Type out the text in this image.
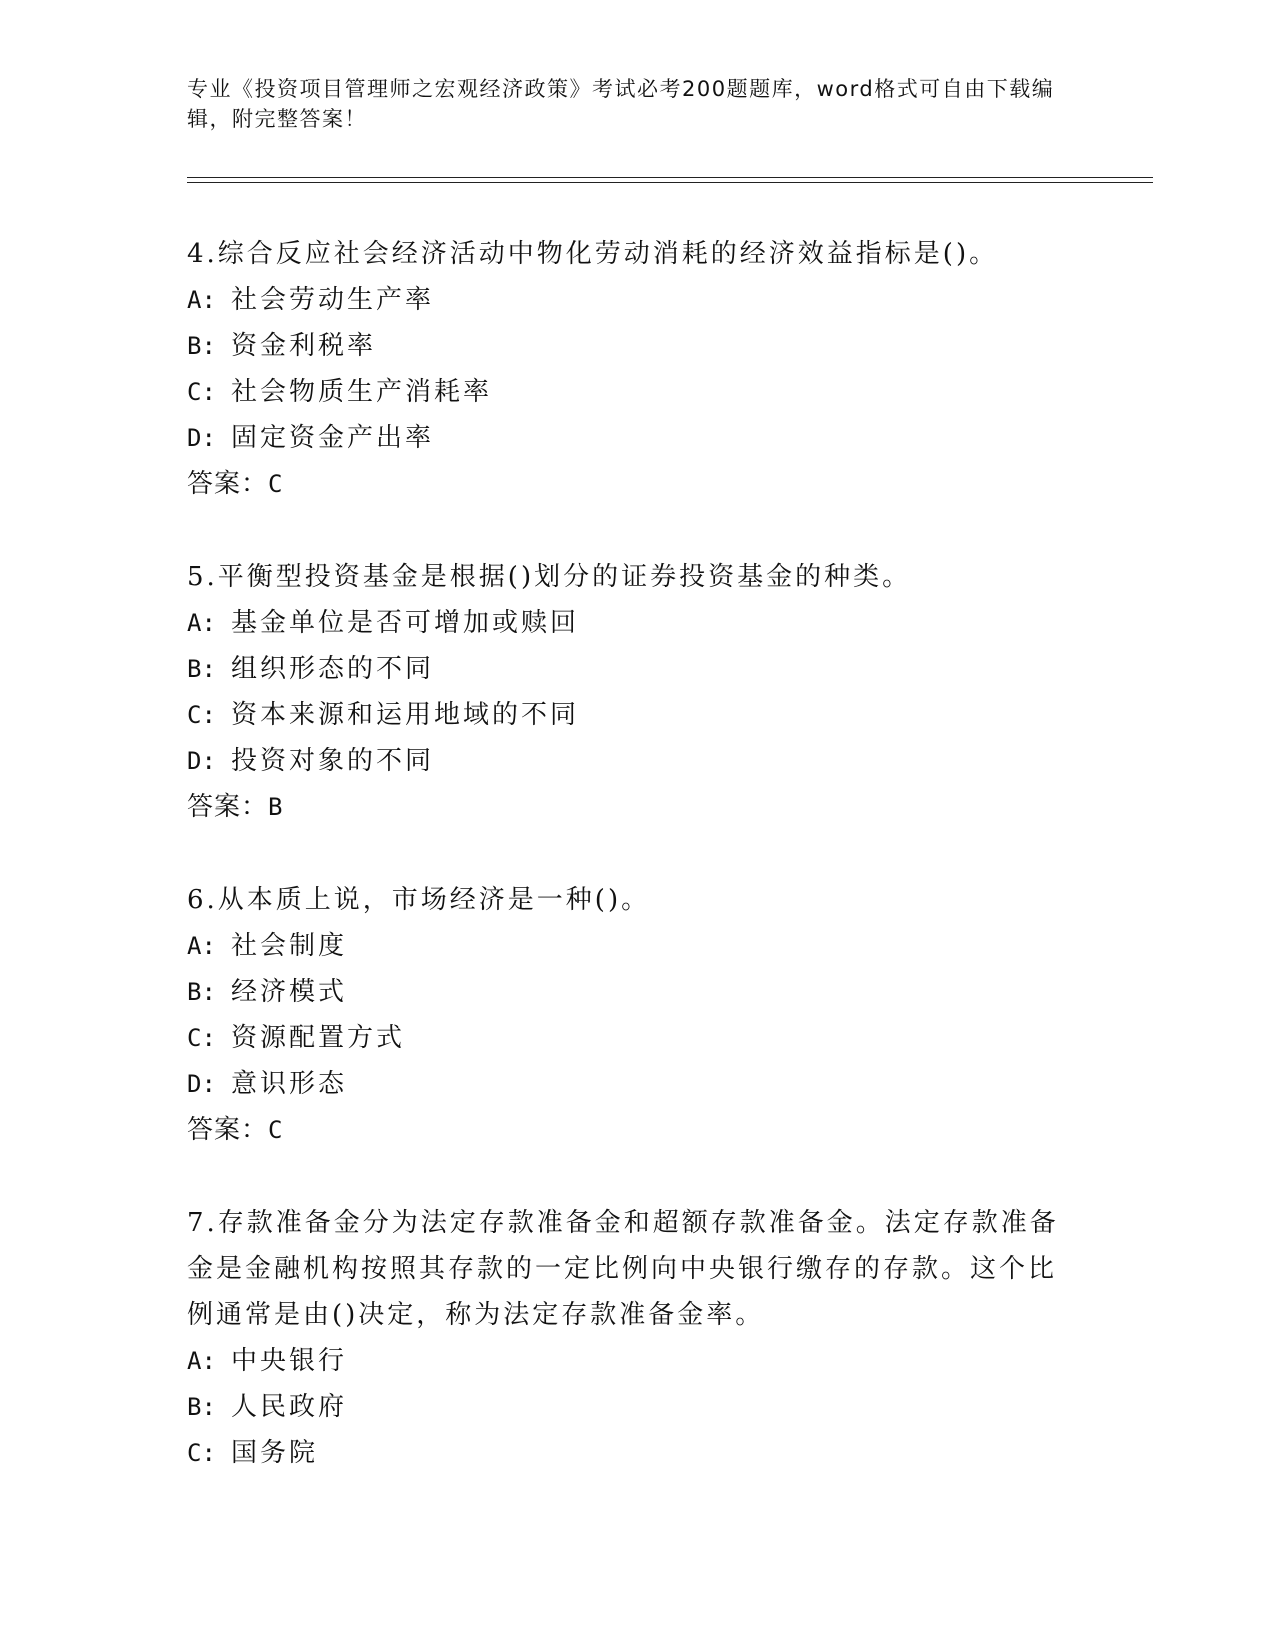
专业《投资项目管理师之宏观经济政策》考试必考200题题库，word格式可自由下载编辑，附完整答案！

4.综合反应社会经济活动中物化劳动消耗的经济效益指标是()。

A: 社会劳动生产率

B: 资金利税率

C: 社会物质生产消耗率

D: 固定资金产出率

答案：C

5.平衡型投资基金是根据()划分的证券投资基金的种类。

A: 基金单位是否可增加或赎回

B: 组织形态的不同

C: 资本来源和运用地域的不同

D: 投资对象的不同

答案：B

6.从本质上说，市场经济是一种()。

A: 社会制度

B: 经济模式

C: 资源配置方式

D: 意识形态

答案：C

7.存款准备金分为法定存款准备金和超额存款准备金。法定存款准备金是金融机构按照其存款的一定比例向中央银行缴存的存款。这个比例通常是由()决定，称为法定存款准备金率。

A: 中央银行

B: 人民政府

C: 国务院
